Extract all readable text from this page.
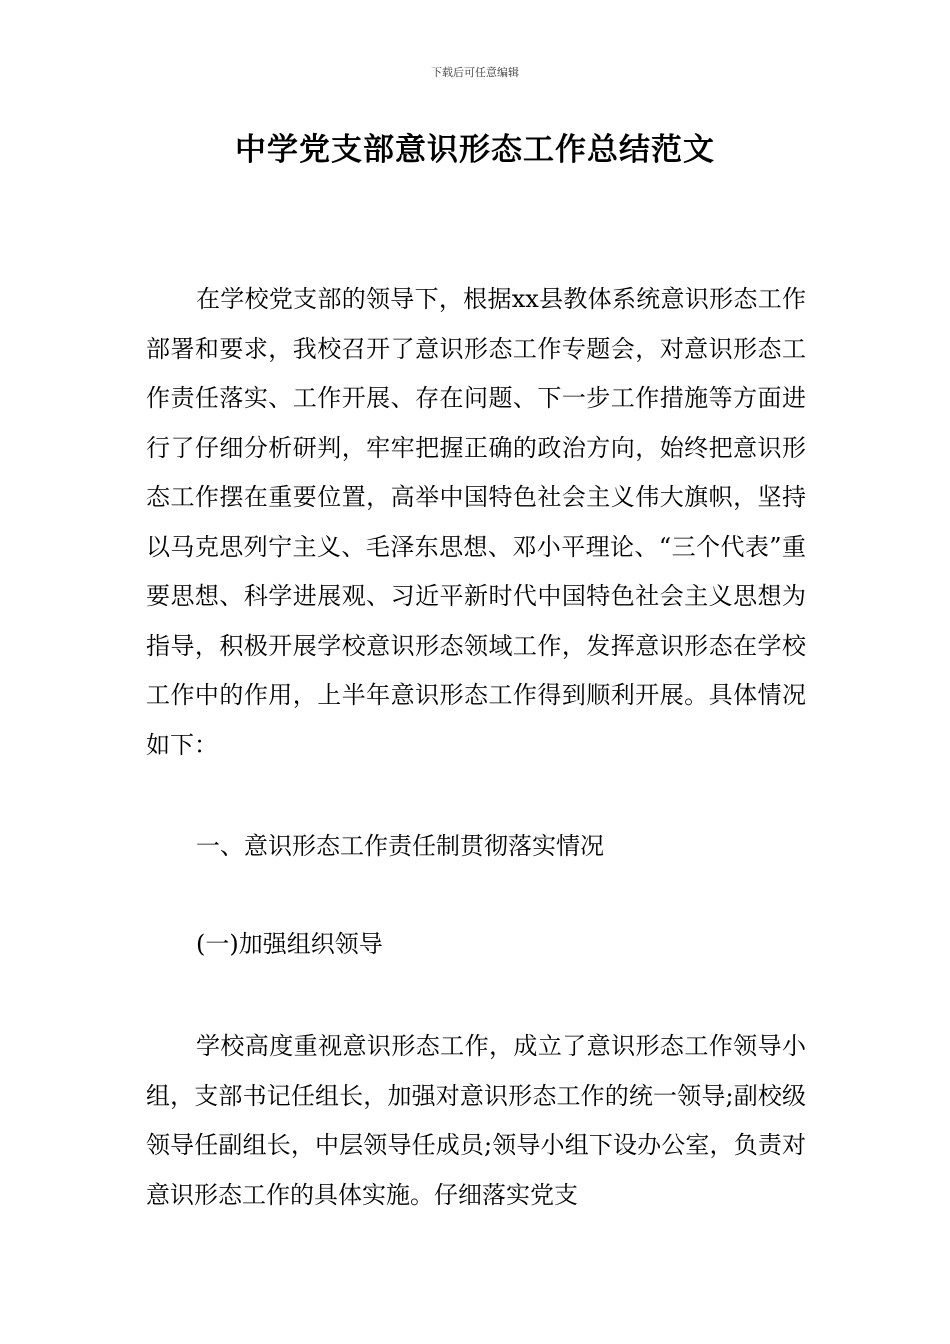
下载后可任意编辑
中学党支部意识形态工作总结范文

在学校党支部的领导下，根据xx县教体系统意识形态工作部署和要求，我校召开了意识形态工作专题会，对意识形态工作责任落实、工作开展、存在问题、下一步工作措施等方面进行了仔细分析研判，牢牢把握正确的政治方向，始终把意识形态工作摆在重要位置，高举中国特色社会主义伟大旗帜，坚持以马克思列宁主义、毛泽东思想、邓小平理论、“三个代表”重要思想、科学进展观、习近平新时代中国特色社会主义思想为指导，积极开展学校意识形态领域工作，发挥意识形态在学校工作中的作用，上半年意识形态工作得到顺利开展。具体情况如下：

一、意识形态工作责任制贯彻落实情况

(一)加强组织领导

学校高度重视意识形态工作，成立了意识形态工作领导小组，支部书记任组长，加强对意识形态工作的统一领导;副校级领导任副组长，中层领导任成员;领导小组下设办公室，负责对意识形态工作的具体实施。仔细落实党支
